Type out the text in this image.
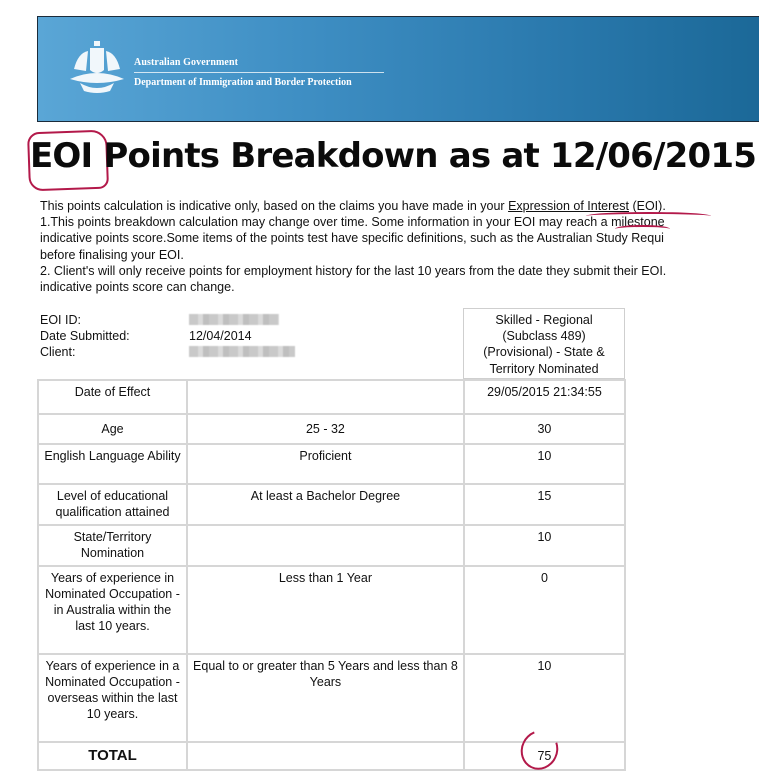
Australian Government
Department of Immigration and Border Protection
EOI Points Breakdown as at 12/06/2015

This points calculation is indicative only, based on the claims you have made in your Expression of Interest (EOI).

1.This points breakdown calculation may change over time. Some information in your EOI may reach a milestone

indicative points score.Some items of the points test have specific definitions, such as the Australian Study Requi

before finalising your EOI.

2. Client's will only receive points for employment history for the last 10 years from the date they submit their EOI.

indicative points score can change.

EOI ID:
Date Submitted:	12/04/2014
Client:
Skilled - Regional
(Subclass 489)
(Provisional) - State &
Territory Nominated
Date of Effect		29/05/2015 21:34:55
Age	25 - 32	30
English Language Ability	Proficient	10
Level of educational qualification attained	At least a Bachelor Degree	15
State/Territory Nomination		10
Years of experience in Nominated Occupation - in Australia within the last 10 years.	Less than 1 Year	0
Years of experience in a Nominated Occupation - overseas within the last 10 years.	Equal to or greater than 5 Years and less than 8 Years	10
TOTAL		75
